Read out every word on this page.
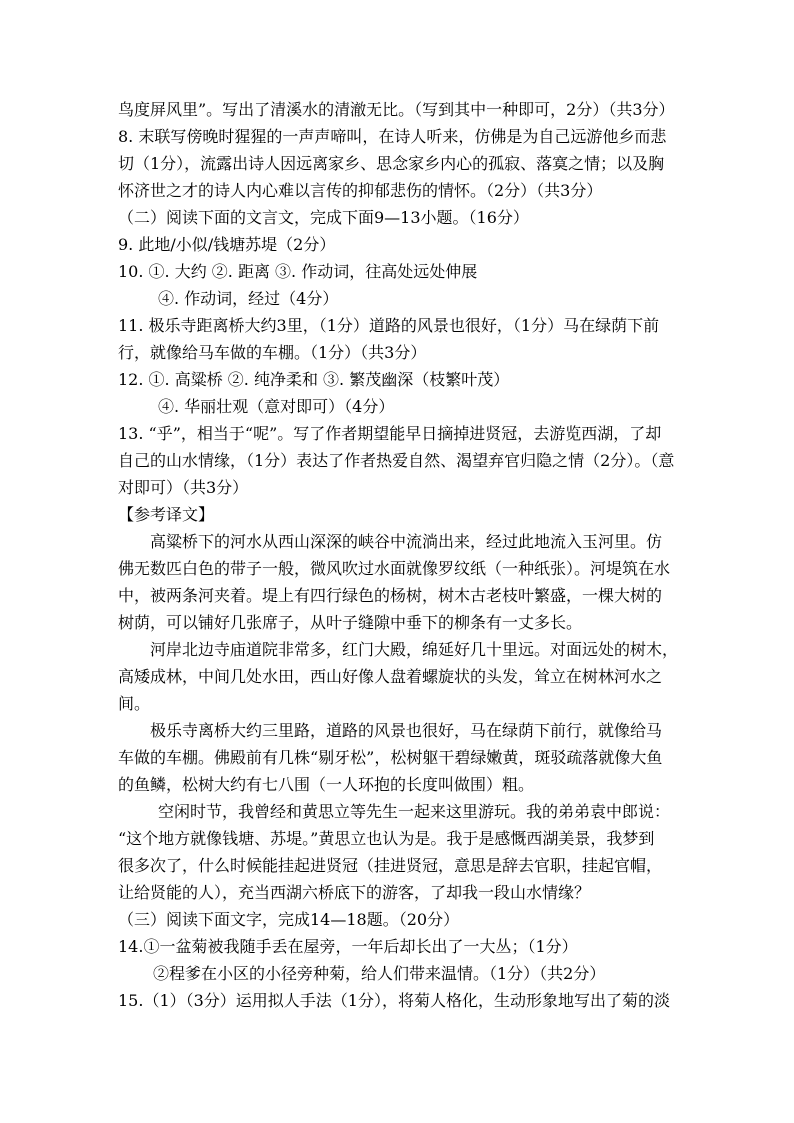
鸟度屏风里”。写出了清溪水的清澈无比。（写到其中一种即可，2分）（共3分）
8. 末联写傍晚时猩猩的一声声啼叫，在诗人听来，仿佛是为自己远游他乡而悲
切（1分），流露出诗人因远离家乡、思念家乡内心的孤寂、落寞之情；以及胸
怀济世之才的诗人内心难以言传的抑郁悲伤的情怀。（2分）（共3分）
（二）阅读下面的文言文，完成下面9—13小题。（16分）
9. 此地/小似/钱塘苏堤（2分）
10. ①. 大约 ②. 距离 ③. 作动词，往高处远处伸展
④. 作动词，经过（4分）
11. 极乐寺距离桥大约3里，（1分）道路的风景也很好，（1分）马在绿荫下前
行，就像给马车做的车棚。（1分）（共3分）
12. ①. 高粱桥 ②. 纯净柔和 ③. 繁茂幽深（枝繁叶茂）
④. 华丽壮观（意对即可）（4分）
13. “乎”，相当于“呢”。写了作者期望能早日摘掉进贤冠，去游览西湖，了却
自己的山水情缘，（1分）表达了作者热爱自然、渴望弃官归隐之情（2分）。（意
对即可）（共3分）
【参考译文】
高粱桥下的河水从西山深深的峡谷中流淌出来，经过此地流入玉河里。仿
佛无数匹白色的带子一般，微风吹过水面就像罗纹纸（一种纸张）。河堤筑在水
中，被两条河夹着。堤上有四行绿色的杨树，树木古老枝叶繁盛，一棵大树的
树荫，可以铺好几张席子，从叶子缝隙中垂下的柳条有一丈多长。
河岸北边寺庙道院非常多，红门大殿，绵延好几十里远。对面远处的树木，
高矮成林，中间几处水田，西山好像人盘着螺旋状的头发，耸立在树林河水之
间。
极乐寺离桥大约三里路，道路的风景也很好，马在绿荫下前行，就像给马
车做的车棚。佛殿前有几株“剔牙松”，松树躯干碧绿嫩黄，斑驳疏落就像大鱼
的鱼鳞，松树大约有七八围（一人环抱的长度叫做围）粗。
空闲时节，我曾经和黄思立等先生一起来这里游玩。我的弟弟袁中郎说：
“这个地方就像钱塘、苏堤。”黄思立也认为是。我于是感慨西湖美景，我梦到
很多次了，什么时候能挂起进贤冠（挂进贤冠，意思是辞去官职，挂起官帽，
让给贤能的人），充当西湖六桥底下的游客，了却我一段山水情缘？
（三）阅读下面文字，完成14—18题。（20分）
14.①一盆菊被我随手丢在屋旁，一年后却长出了一大丛；（1分）
②程爹在小区的小径旁种菊，给人们带来温情。（1分）（共2分）
15.（1）（3分）运用拟人手法（1分），将菊人格化，生动形象地写出了菊的淡
